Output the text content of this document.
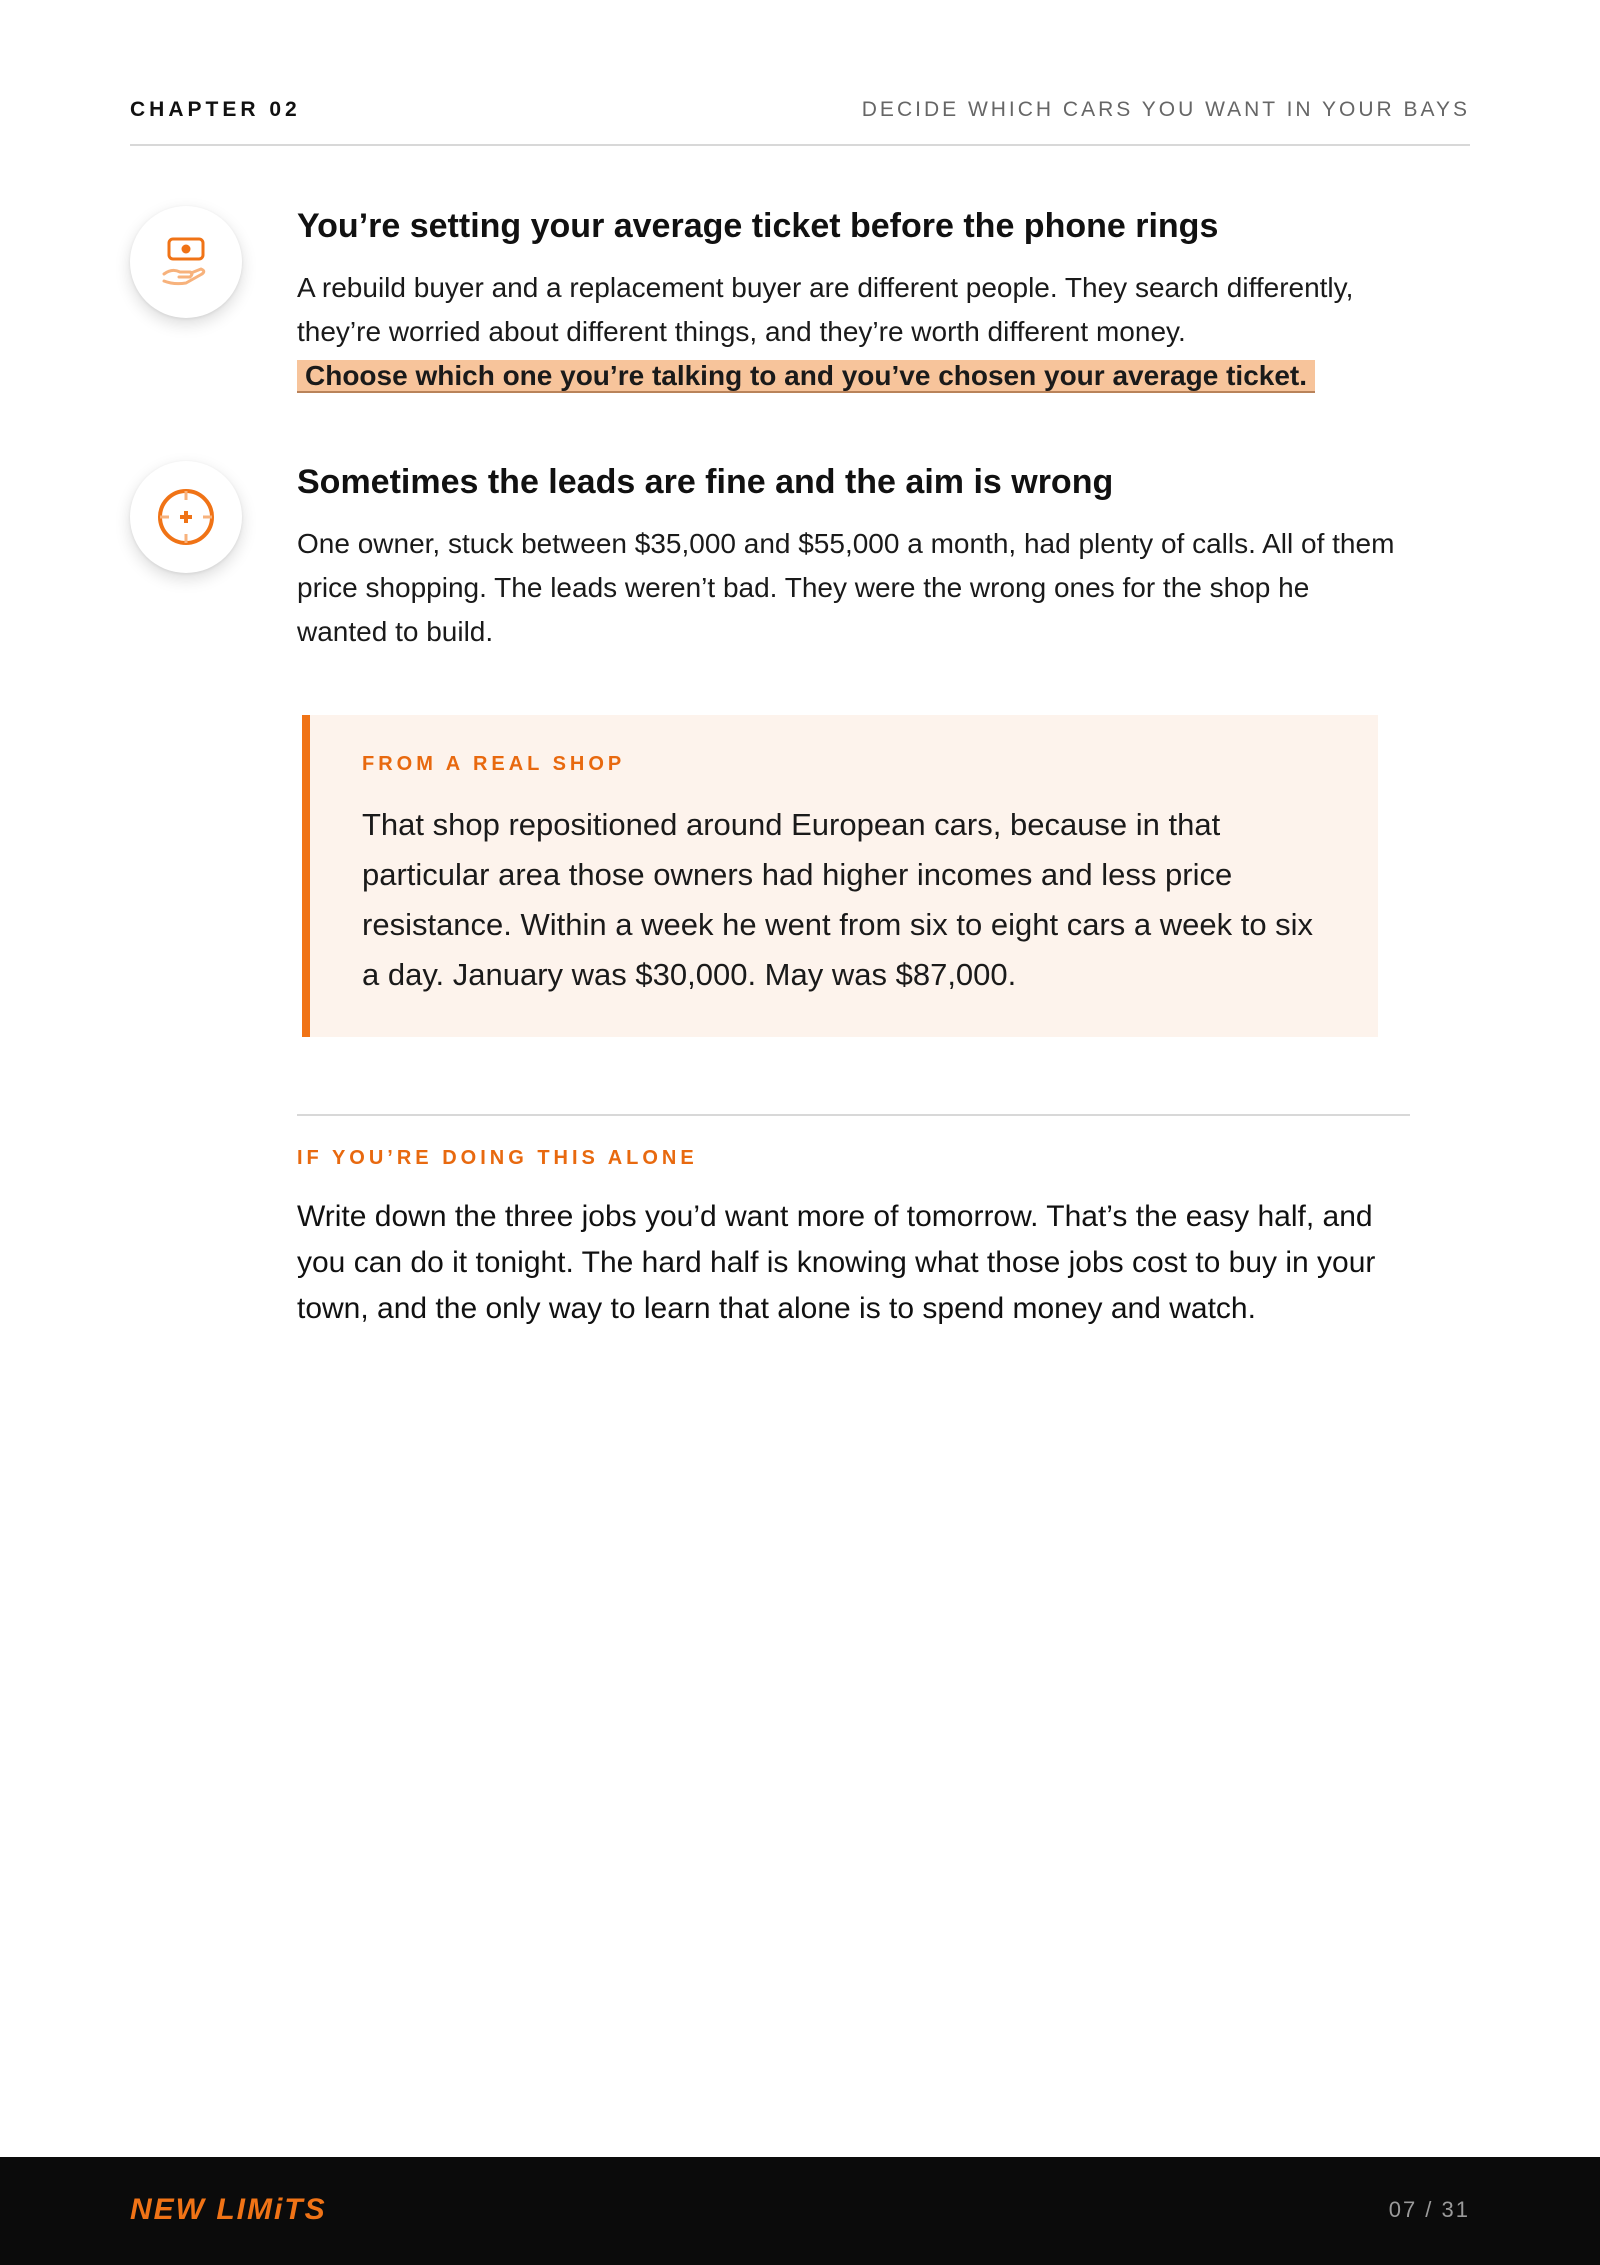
CHAPTER 02	DECIDE WHICH CARS YOU WANT IN YOUR BAYS
You’re setting your average ticket before the phone rings

A rebuild buyer and a replacement buyer are different people. They search differently, they’re worried about different things, and they’re worth different money.
Choose which one you’re talking to and you’ve chosen your average ticket.

Sometimes the leads are fine and the aim is wrong

One owner, stuck between $35,000 and $55,000 a month, had plenty of calls. All of them price shopping. The leads weren’t bad. They were the wrong ones for the shop he wanted to build.

FROM A REAL SHOP
That shop repositioned around European cars, because in that particular area those owners had higher incomes and less price resistance. Within a week he went from six to eight cars a week to six a day. January was $30,000. May was $87,000.
IF YOU’RE DOING THIS ALONE
Write down the three jobs you’d want more of tomorrow. That’s the easy half, and you can do it tonight. The hard half is knowing what those jobs cost to buy in your town, and the only way to learn that alone is to spend money and watch.
NEW LIMiTS	07 / 31
